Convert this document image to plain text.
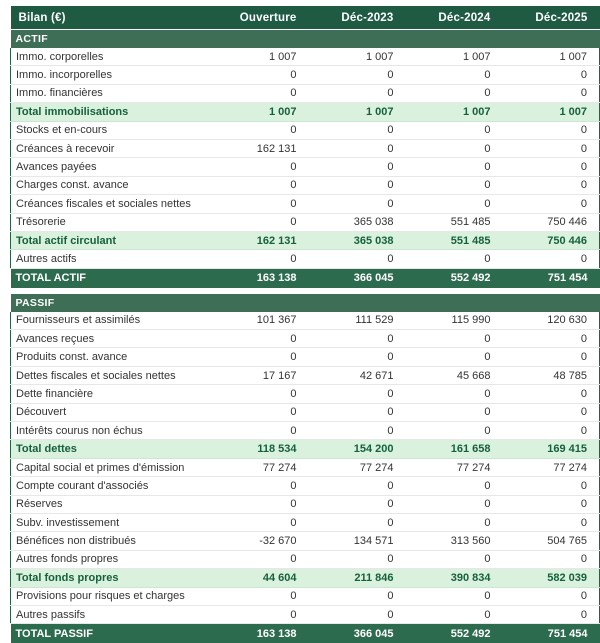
Bilan (€)	Ouverture	Déc-2023	Déc-2024	Déc-2025
ACTIF				
Immo. corporelles	1 007	1 007	1 007	1 007
Immo. incorporelles	0	0	0	0
Immo. financières	0	0	0	0
Total immobilisations	1 007	1 007	1 007	1 007
Stocks et en-cours	0	0	0	0
Créances à recevoir	162 131	0	0	0
Avances payées	0	0	0	0
Charges const. avance	0	0	0	0
Créances fiscales et sociales nettes	0	0	0	0
Trésorerie	0	365 038	551 485	750 446
Total actif circulant	162 131	365 038	551 485	750 446
Autres actifs	0	0	0	0
TOTAL ACTIF	163 138	366 045	552 492	751 454

PASSIF				
Fournisseurs et assimilés	101 367	111 529	115 990	120 630
Avances reçues	0	0	0	0
Produits const. avance	0	0	0	0
Dettes fiscales et sociales nettes	17 167	42 671	45 668	48 785
Dette financière	0	0	0	0
Découvert	0	0	0	0
Intérêts courus non échus	0	0	0	0
Total dettes	118 534	154 200	161 658	169 415
Capital social et primes d'émission	77 274	77 274	77 274	77 274
Compte courant d'associés	0	0	0	0
Réserves	0	0	0	0
Subv. investissement	0	0	0	0
Bénéfices non distribués	-32 670	134 571	313 560	504 765
Autres fonds propres	0	0	0	0
Total fonds propres	44 604	211 846	390 834	582 039
Provisions pour risques et charges	0	0	0	0
Autres passifs	0	0	0	0
TOTAL PASSIF	163 138	366 045	552 492	751 454
